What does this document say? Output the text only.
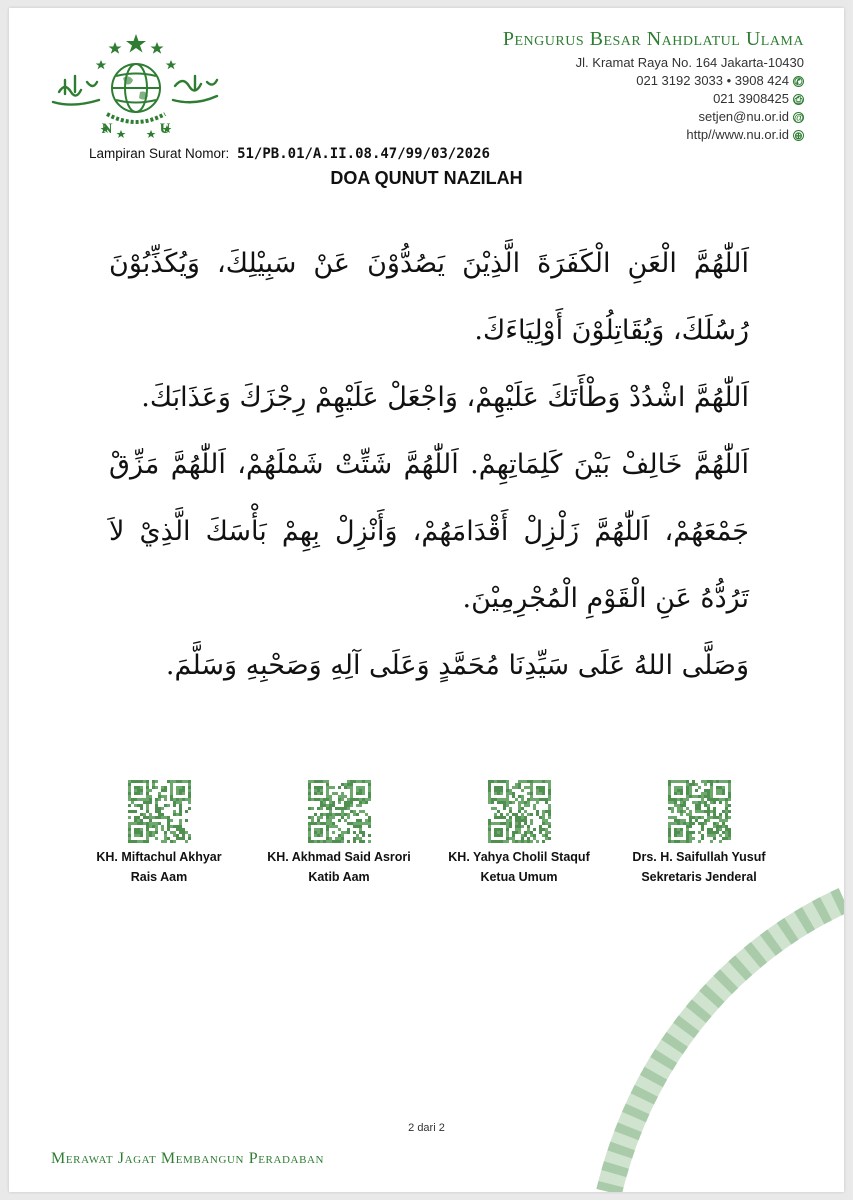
N	U
Pengurus Besar Nahdlatul Ulama
Jl. Kramat Raya No. 164 Jakarta-10430
021 3192 3033 • 3908 424 ✆
021 3908425 ⎙
setjen@nu.or.id @
http//www.nu.or.id ⊕
Lampiran Surat Nomor: 51/PB.01/A.II.08.47/99/03/2026
DOA QUNUT NAZILAH

اَللّٰهُمَّ الْعَنِ الْكَفَرَةَ الَّذِيْنَ يَصُدُّوْنَ عَنْ سَبِيْلِكَ، وَيُكَذِّبُوْنَ رُسُلَكَ، وَيُقَاتِلُوْنَ أَوْلِيَاءَكَ.

اَللّٰهُمَّ اشْدُدْ وَطْأَتَكَ عَلَيْهِمْ، وَاجْعَلْ عَلَيْهِمْ رِجْزَكَ وَعَذَابَكَ.

اَللّٰهُمَّ خَالِفْ بَيْنَ كَلِمَاتِهِمْ. اَللّٰهُمَّ شَتِّتْ شَمْلَهُمْ، اَللّٰهُمَّ مَزِّقْ جَمْعَهُمْ، اَللّٰهُمَّ زَلْزِلْ أَقْدَامَهُمْ، وَأَنْزِلْ بِهِمْ بَأْسَكَ الَّذِيْ لاَ تَرُدُّهُ عَنِ الْقَوْمِ الْمُجْرِمِيْنَ.

وَصَلَّى اللهُ عَلَى سَيِّدِنَا مُحَمَّدٍ وَعَلَى آلِهِ وَصَحْبِهِ وَسَلَّمَ.

KH. Miftachul Akhyar
Rais Aam
KH. Akhmad Said Asrori
Katib Aam
KH. Yahya Cholil Staquf
Ketua Umum
Drs. H. Saifullah Yusuf
Sekretaris Jenderal
2 dari 2
Merawat Jagat Membangun Peradaban
